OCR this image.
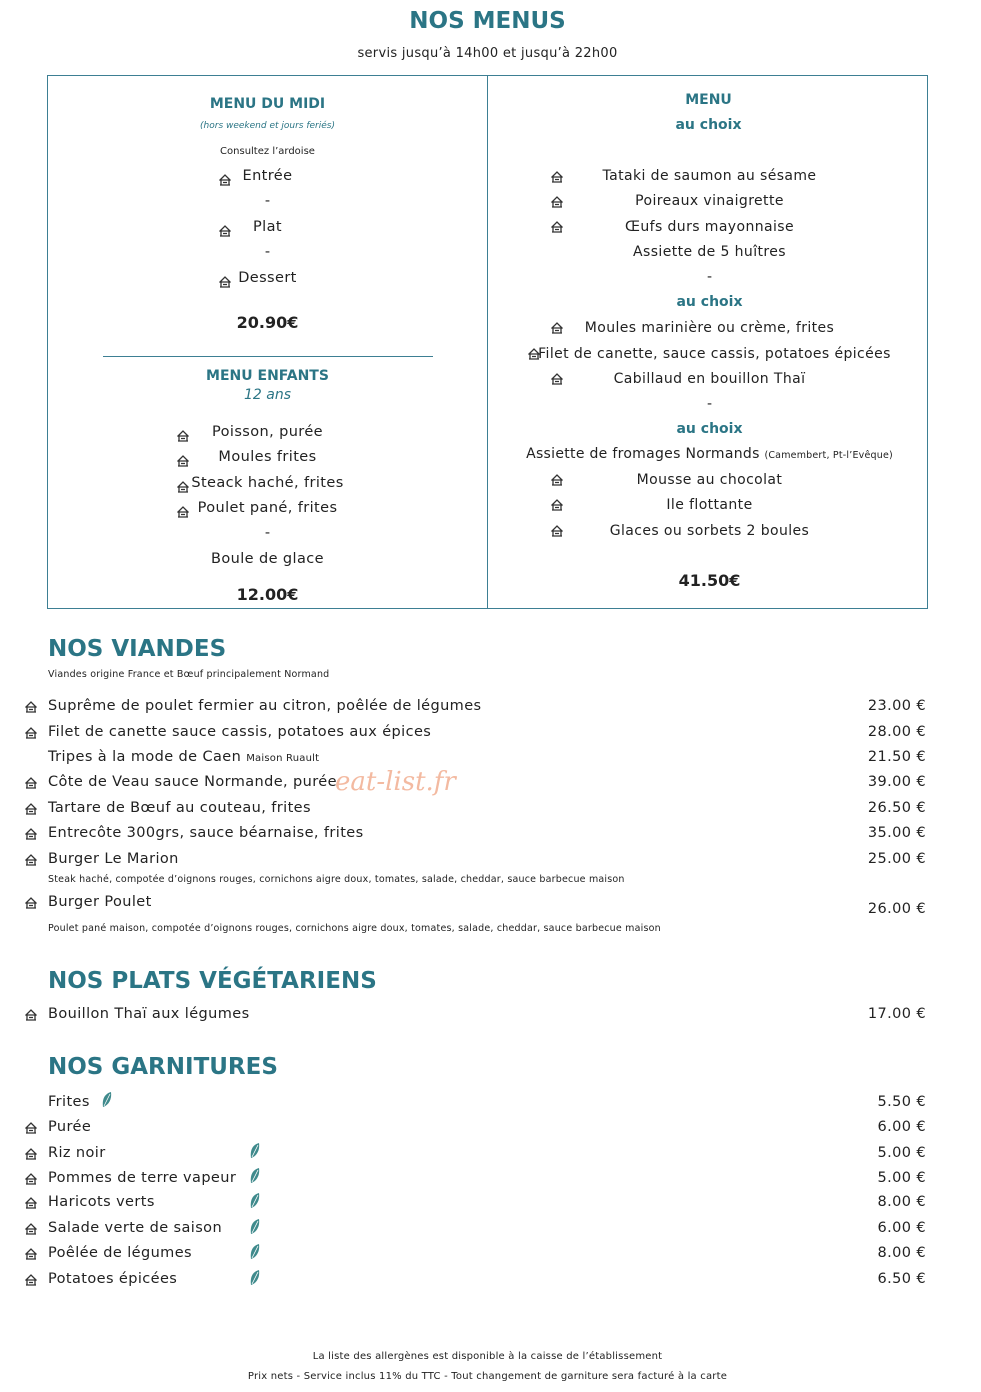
NOS MENUS
servis jusqu’à 14h00 et jusqu’à 22h00
MENU DU MIDI
(hors weekend et jours feriés)
Consultez l’ardoise
Entrée
-
Plat
-
Dessert
20.90€
MENU ENFANTS
12 ans
Poisson, purée
Moules frites
Steack haché, frites
Poulet pané, frites
-
Boule de glace
12.00€
MENU
au choix
Tataki de saumon au sésame
Poireaux vinaigrette
Œufs durs mayonnaise
Assiette de 5 huîtres
-
au choix
Moules marinière ou crème, frites
Filet de canette, sauce cassis, potatoes épicées
Cabillaud en bouillon Thaï
-
au choix
Assiette de fromages Normands (Camembert, Pt-l’Evêque)
Mousse au chocolat
Ile flottante
Glaces ou sorbets 2 boules
41.50€
NOS VIANDES
Viandes origine France et Bœuf principalement Normand
Suprême de poulet fermier au citron, poêlée de légumes	23.00 €
Filet de canette sauce cassis, potatoes aux épices	28.00 €
Tripes à la mode de Caen Maison Ruault	21.50 €
Côte de Veau sauce Normande, purée	39.00 €
Tartare de Bœuf au couteau, frites	26.50 €
Entrecôte 300grs, sauce béarnaise, frites	35.00 €
Burger Le Marion	25.00 €
Steak haché, compotée d’oignons rouges, cornichons aigre doux, tomates, salade, cheddar, sauce barbecue maison
Burger Poulet	26.00 €
Poulet pané maison, compotée d’oignons rouges, cornichons aigre doux, tomates, salade, cheddar, sauce barbecue maison
NOS PLATS VÉGÉTARIENS
Bouillon Thaï aux légumes	17.00 €
NOS GARNITURES
Frites	5.50 €
Purée	6.00 €
Riz noir	5.00 €
Pommes de terre vapeur	5.00 €
Haricots verts	8.00 €
Salade verte de saison	6.00 €
Poêlée de légumes	8.00 €
Potatoes épicées	6.50 €
eat-list.fr
La liste des allergènes est disponible à la caisse de l’établissement
Prix nets - Service inclus 11% du TTC - Tout changement de garniture sera facturé à la carte
